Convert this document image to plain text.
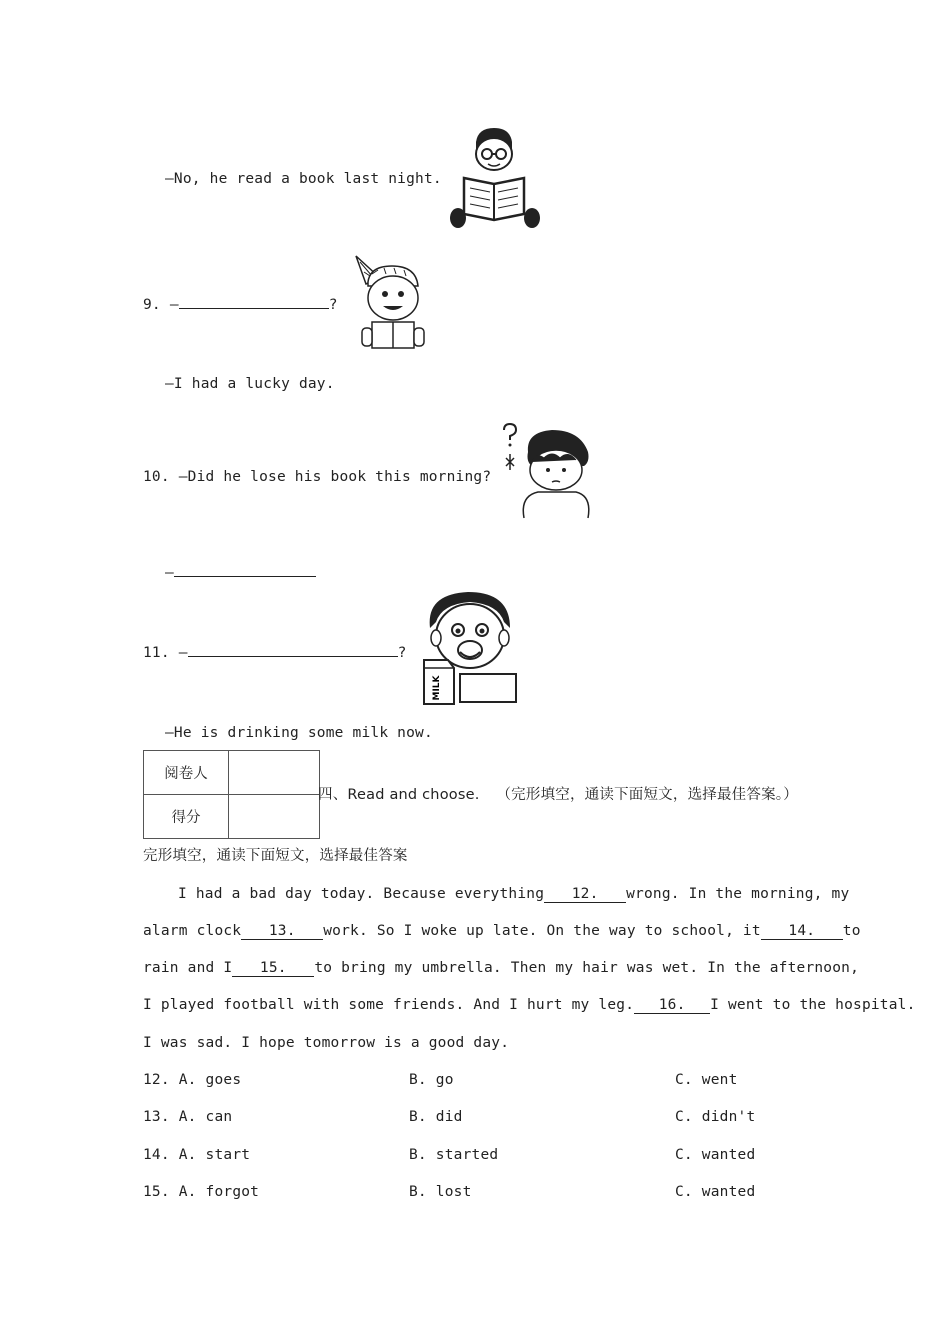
—No, he read a book last night.
9. —	?
—I had a lucky day.
10. —Did he lose his book this morning?
—
11. —	?
MILK
—He is drinking some milk now.
阅卷人	
得分	
四、Read and choose. （完形填空，通读下面短文，选择最佳答案。）
完形填空，通读下面短文，选择最佳答案
I had a bad day today. Because everything 12. wrong. In the morning, my
alarm clock 13. work. So I woke up late. On the way to school, it 14. to
rain and I 15. to bring my umbrella. Then my hair was wet. In the afternoon,
I played football with some friends. And I hurt my leg. 16. I went to the hospital.
I was sad. I hope tomorrow is a good day.
12. A. goes	B. go	C. went
13. A. can	B. did	C. didn't
14. A. start	B. started	C. wanted
15. A. forgot	B. lost	C. wanted
